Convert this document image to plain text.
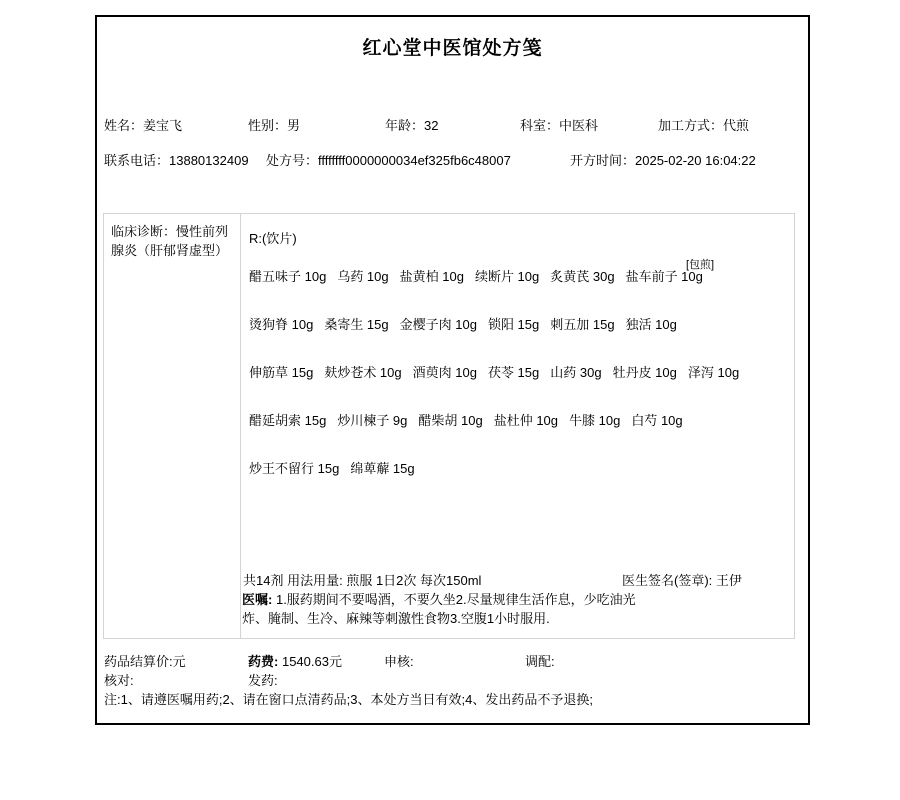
红心堂中医馆处方笺
姓名：姜宝飞	性别：男	年龄：32	科室：中医科	加工方式：代煎
联系电话：13880132409 处方号：ffffffff0000000034ef325fb6c48007	开方时间：2025-02-20 16:04:22
临床诊断：慢性前列腺炎（肝郁肾虚型）
R:(饮片)
[包煎]
醋五味子 10g 乌药 10g 盐黄柏 10g 续断片 10g 炙黄芪 30g 盐车前子 10g
烫狗脊 10g 桑寄生 15g 金樱子肉 10g 锁阳 15g 刺五加 15g 独活 10g
伸筋草 15g 麸炒苍术 10g 酒萸肉 10g 茯苓 15g 山药 30g 牡丹皮 10g 泽泻 10g
醋延胡索 15g 炒川楝子 9g 醋柴胡 10g 盐杜仲 10g 牛膝 10g 白芍 10g
炒王不留行 15g 绵萆薢 15g
共14剂 用法用量: 煎服 1日2次 每次150ml	医生签名(签章): 王伊
医嘱: 1.服药期间不要喝酒，不要久坐2.尽量规律生活作息，少吃油光炸、腌制、生冷、麻辣等刺激性食物3.空腹1小时服用.
药品结算价:元	药费: 1540.63元	申核:	调配:
核对:	发药:
注:1、请遵医嘱用药;2、请在窗口点清药品;3、本处方当日有效;4、发出药品不予退换;
